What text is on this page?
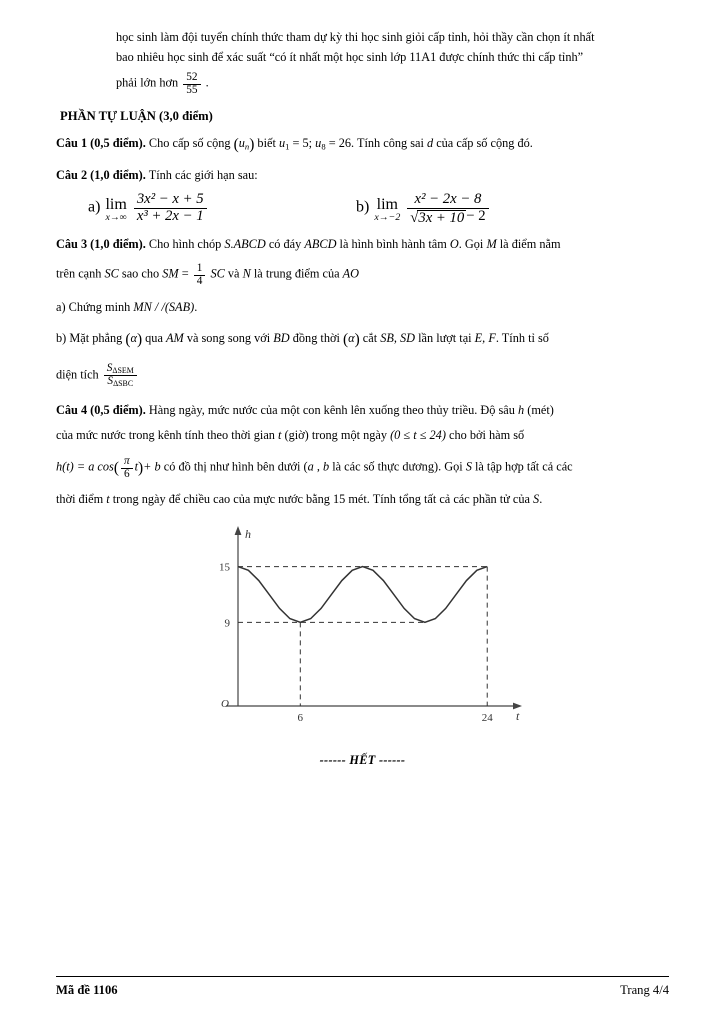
học sinh làm đội tuyển chính thức tham dự kỳ thi học sinh giỏi cấp tỉnh, hỏi thầy cần chọn ít nhất
bao nhiêu học sinh để xác suất “có ít nhất một học sinh lớp 11A1 được chính thức thi cấp tỉnh”
phải lớn hơn $\frac{52}{55}$ .
PHẦN TỰ LUẬN (3,0 điểm)
Câu 1 (0,5 điểm). Cho cấp số cộng $(u_n)$ biết $u_1 = 5$; $u_8 = 26$. Tính công sai d của cấp số cộng đó.
Câu 2 (1,0 điểm). Tính các giới hạn sau:
a) lim
x→∞
$\frac{\text{3x² − x + 5}}{\text{x³ + 2x − 1}}$	b) lim
x→−2
$\frac{\text{x² − 2x − 8}}{√3x + 10 - 2}$
Câu 3 (1,0 điểm). Cho hình chóp S.ABCD có đáy ABCD là hình bình hành tâm O. Gọi M là điểm nằm
trên cạnh SC sao cho SM = $\frac{1}{4}$ SC và N là trung điểm của AO
a) Chứng minh MN / /(SAB).
b) Mặt phẳng (α) qua AM và song song với BD đồng thời (α) cắt SB, SD lần lượt tại E, F. Tính tỉ số
diện tích $\frac{S_{\Delta SEM}}{S_{\Delta SBC}}$
Câu 4 (0,5 điểm). Hàng ngày, mức nước của một con kênh lên xuống theo thủy triều. Độ sâu h (mét)
của mức nước trong kênh tính theo thời gian t (giờ) trong một ngày (0 ≤ t ≤ 24) cho bởi hàm số
h(t) = a $\cos( \frac{\pi}{6} t)+ b$ có đồ thị như hình bên dưới (a , b là các số thực dương). Gọi S là tập hợp tất cả các
thời điểm t trong ngày để chiều cao của mực nước bằng 15 mét. Tính tổng tất cả các phần tử của S.
15
9
O
6	24
h
t
------ HẾT ------
Mã đề 1106	Trang 4/4
